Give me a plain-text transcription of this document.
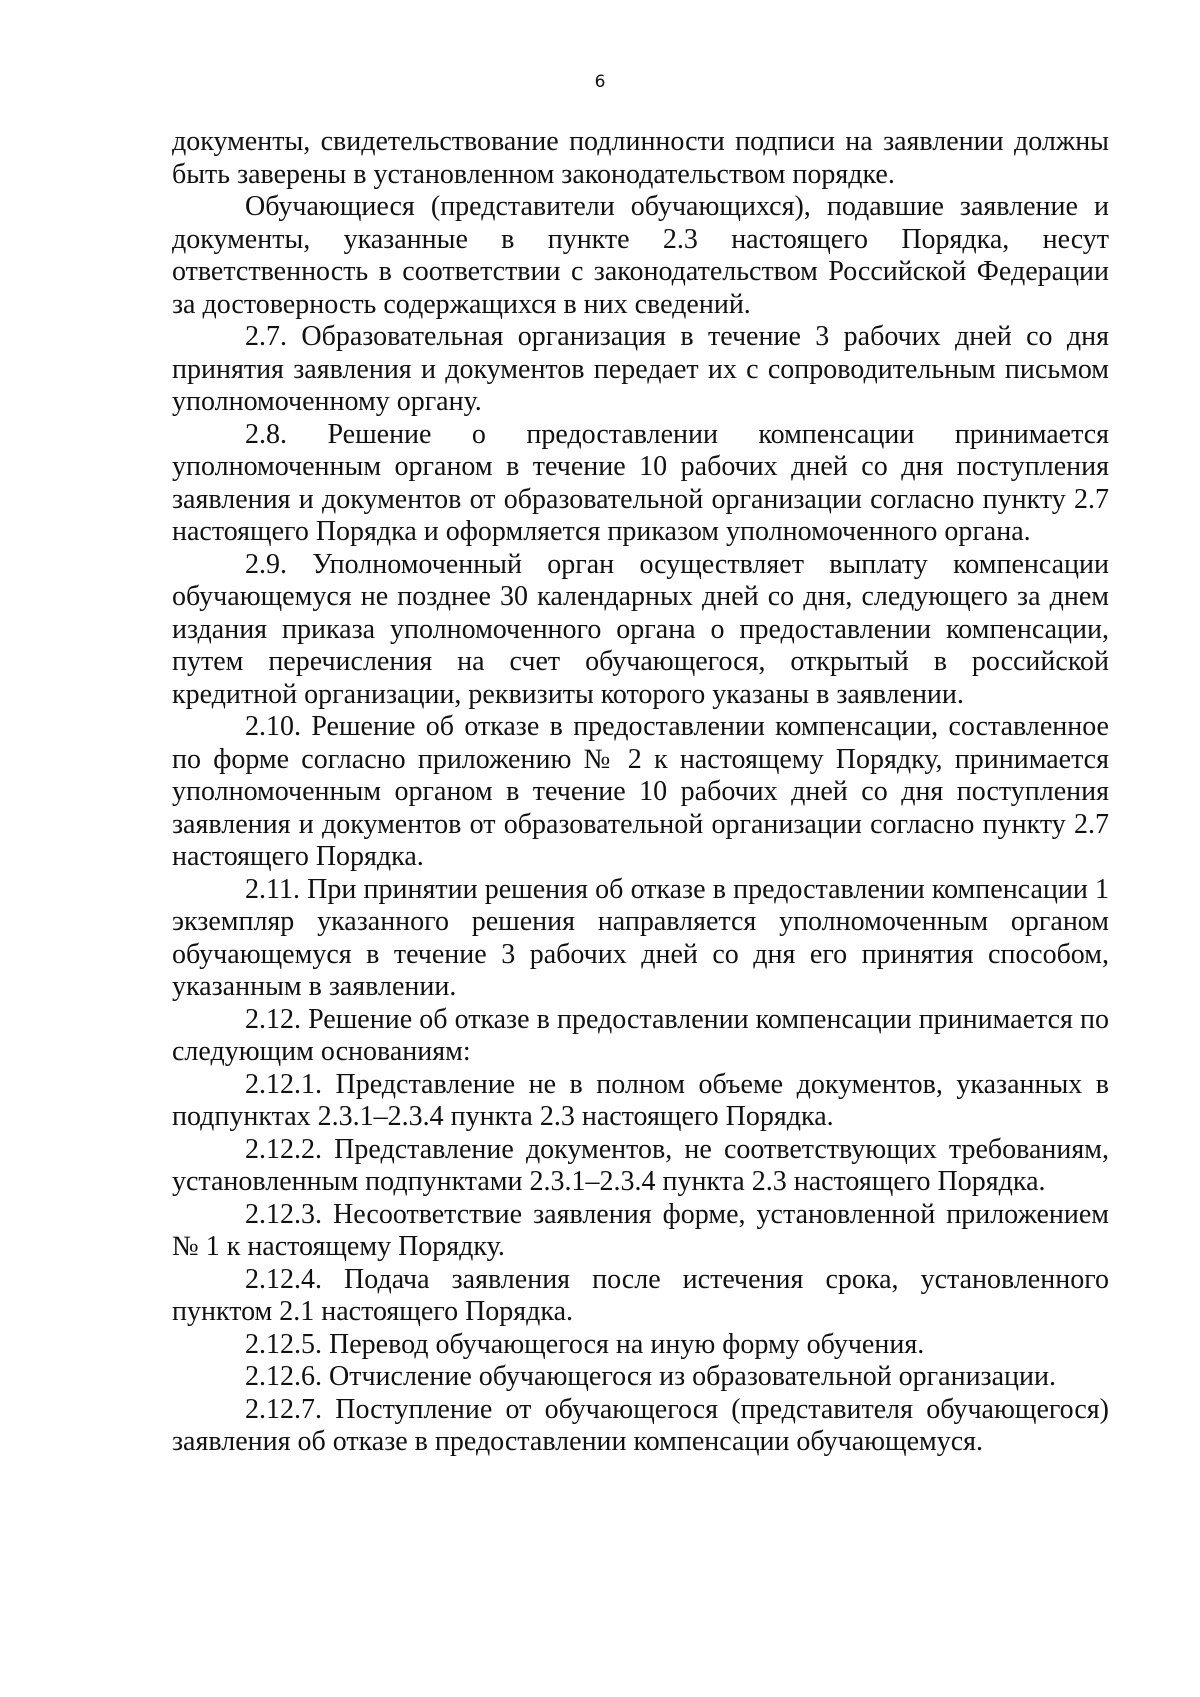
6

документы, свидетельствование подлинности подписи на заявлении должны быть заверены в установленном законодательством порядке.

Обучающиеся (представители обучающихся), подавшие заявление и документы, указанные в пункте 2.3 настоящего Порядка, несут ответственность в соответствии с законодательством Российской Федерации за достоверность содержащихся в них сведений.

2.7. Образовательная организация в течение 3 рабочих дней со дня принятия заявления и документов передает их с сопроводительным письмом уполномоченному органу.

2.8. Решение о предоставлении компенсации принимается уполномоченным органом в течение 10 рабочих дней со дня поступления заявления и документов от образовательной организации согласно пункту 2.7 настоящего Порядка и оформляется приказом уполномоченного органа.

2.9. Уполномоченный орган осуществляет выплату компенсации обучающемуся не позднее 30 календарных дней со дня, следующего за днем издания приказа уполномоченного органа о предоставлении компенсации, путем перечисления на счет обучающегося, открытый в российской кредитной организации, реквизиты которого указаны в заявлении.

2.10. Решение об отказе в предоставлении компенсации, составленное по форме согласно приложению № 2 к настоящему Порядку, принимается уполномоченным органом в течение 10 рабочих дней со дня поступления заявления и документов от образовательной организации согласно пункту 2.7 настоящего Порядка.

2.11. При принятии решения об отказе в предоставлении компенсации 1 экземпляр указанного решения направляется уполномоченным органом обучающемуся в течение 3 рабочих дней со дня его принятия способом, указанным в заявлении.

2.12. Решение об отказе в предоставлении компенсации принимается по следующим основаниям:

2.12.1. Представление не в полном объеме документов, указанных в подпунктах 2.3.1–2.3.4 пункта 2.3 настоящего Порядка.

2.12.2. Представление документов, не соответствующих требованиям, установленным подпунктами 2.3.1–2.3.4 пункта 2.3 настоящего Порядка.

2.12.3. Несоответствие заявления форме, установленной приложением № 1 к настоящему Порядку.

2.12.4. Подача заявления после истечения срока, установленного пунктом 2.1 настоящего Порядка.

2.12.5. Перевод обучающегося на иную форму обучения.

2.12.6. Отчисление обучающегося из образовательной организации.

2.12.7. Поступление от обучающегося (представителя обучающегося) заявления об отказе в предоставлении компенсации обучающемуся.
